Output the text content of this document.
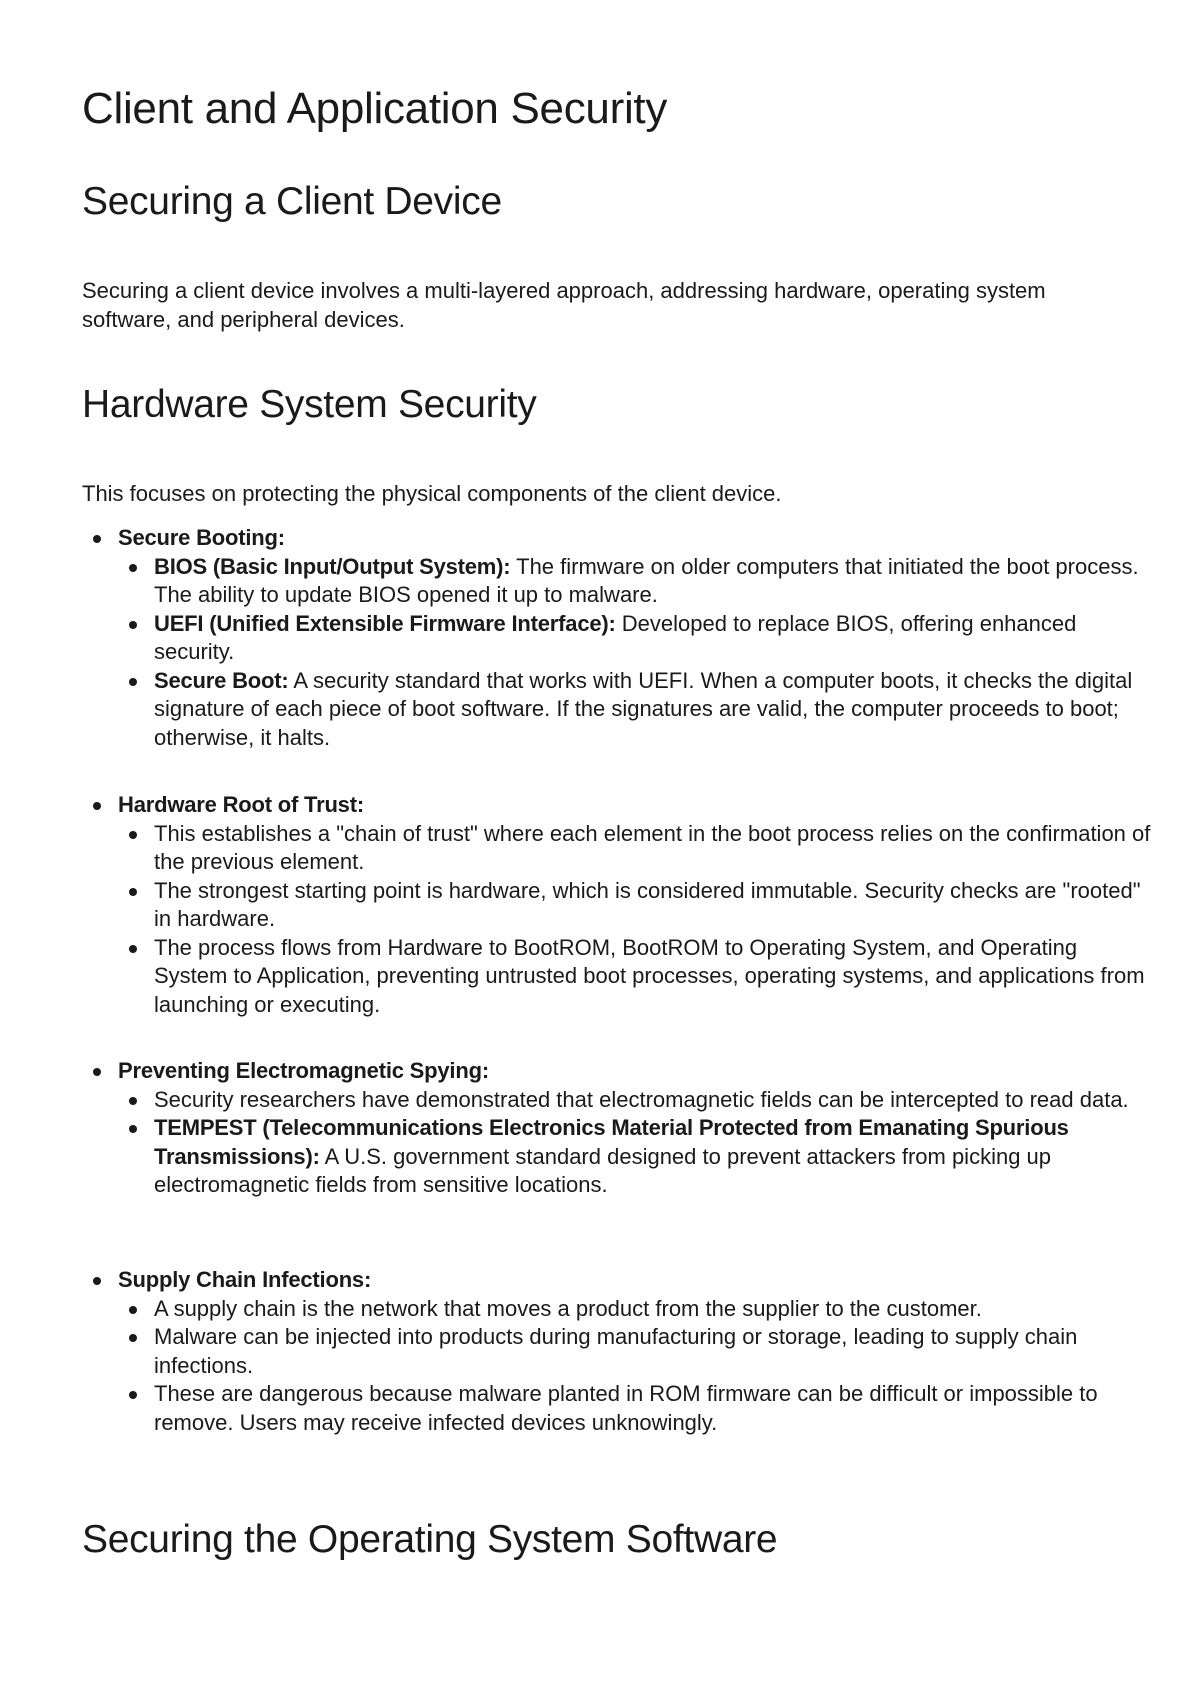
Client and Application Security
Securing a Client Device

Securing a client device involves a multi-layered approach, addressing hardware, operating system software, and peripheral devices.

Hardware System Security

This focuses on protecting the physical components of the client device.

Secure Booting:
BIOS (Basic Input/Output System): The firmware on older computers that initiated the boot process. The ability to update BIOS opened it up to malware.
UEFI (Unified Extensible Firmware Interface): Developed to replace BIOS, offering enhanced security.
Secure Boot: A security standard that works with UEFI. When a computer boots, it checks the digital signature of each piece of boot software. If the signatures are valid, the computer proceeds to boot; otherwise, it halts.
Hardware Root of Trust:
This establishes a "chain of trust" where each element in the boot process relies on the confirmation of the previous element.
The strongest starting point is hardware, which is considered immutable. Security checks are "rooted" in hardware.
The process flows from Hardware to BootROM, BootROM to Operating System, and Operating System to Application, preventing untrusted boot processes, operating systems, and applications from launching or executing.
Preventing Electromagnetic Spying:
Security researchers have demonstrated that electromagnetic fields can be intercepted to read data.
TEMPEST (Telecommunications Electronics Material Protected from Emanating Spurious Transmissions): A U.S. government standard designed to prevent attackers from picking up electromagnetic fields from sensitive locations.
Supply Chain Infections:
A supply chain is the network that moves a product from the supplier to the customer.
Malware can be injected into products during manufacturing or storage, leading to supply chain infections.
These are dangerous because malware planted in ROM firmware can be difficult or impossible to remove. Users may receive infected devices unknowingly.
Securing the Operating System Software
